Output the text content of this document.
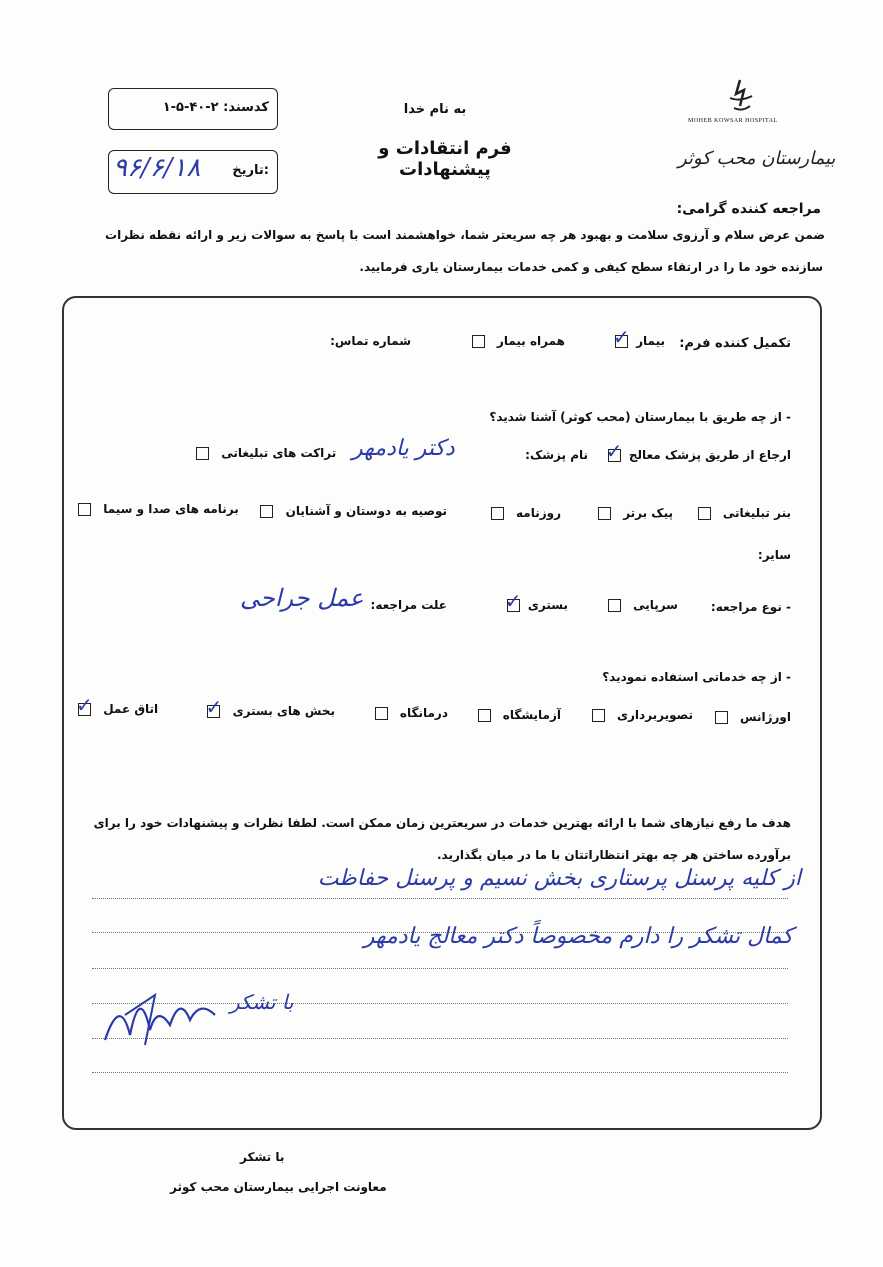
کدسند: ۲-۴۰-۵-۱
تاریخ:
۹۶/۶/۱۸
به نام خدا
فرم انتقادات و پیشنهادات
MOHEB KOWSAR HOSPITAL
بیمارستان محب کوثر
مراجعه کننده گرامی:
ضمن عرض سلام و آرزوی سلامت و بهبود هر چه سریعتر شما، خواهشمند است با پاسخ به سوالات زیر و ارائه نقطه نظرات
سازنده خود ما را در ارتقاء سطح کیفی و کمی خدمات بیمارستان یاری فرمایید.
تکمیل کننده فرم:
بیمار
✓
همراه بیمار
شماره تماس:
- از چه طریق با بیمارستان (محب کوثر) آشنا شدید؟
ارجاع از طریق پزشک معالج
✓
نام پزشک:
دکتر یادمهر
تراکت های تبلیغاتی
بنر تبلیغاتی
پیک برتر
روزنامه
توصیه به دوستان و آشنایان
برنامه های صدا و سیما
سایر:
- نوع مراجعه:
سرپایی
بستری
✓
علت مراجعه:
عمل جراحی
- از چه خدماتی استفاده نمودید؟
اورژانس
تصویربرداری
آزمایشگاه
درمانگاه
بخش های بستری
✓
اتاق عمل
✓
هدف ما رفع نیازهای شما با ارائه بهترین خدمات در سریعترین زمان ممکن است. لطفا نظرات و پیشنهادات خود را برای
برآورده ساختن هر چه بهتر انتظاراتتان با ما در میان بگذارید.
از کلیه پرسنل پرستاری بخش نسیم و پرسنل حفاظت
کمال تشکر را دارم مخصوصاً دکتر معالج یادمهر
با تشکر
با تشکر
معاونت اجرایی بیمارستان محب کوثر
